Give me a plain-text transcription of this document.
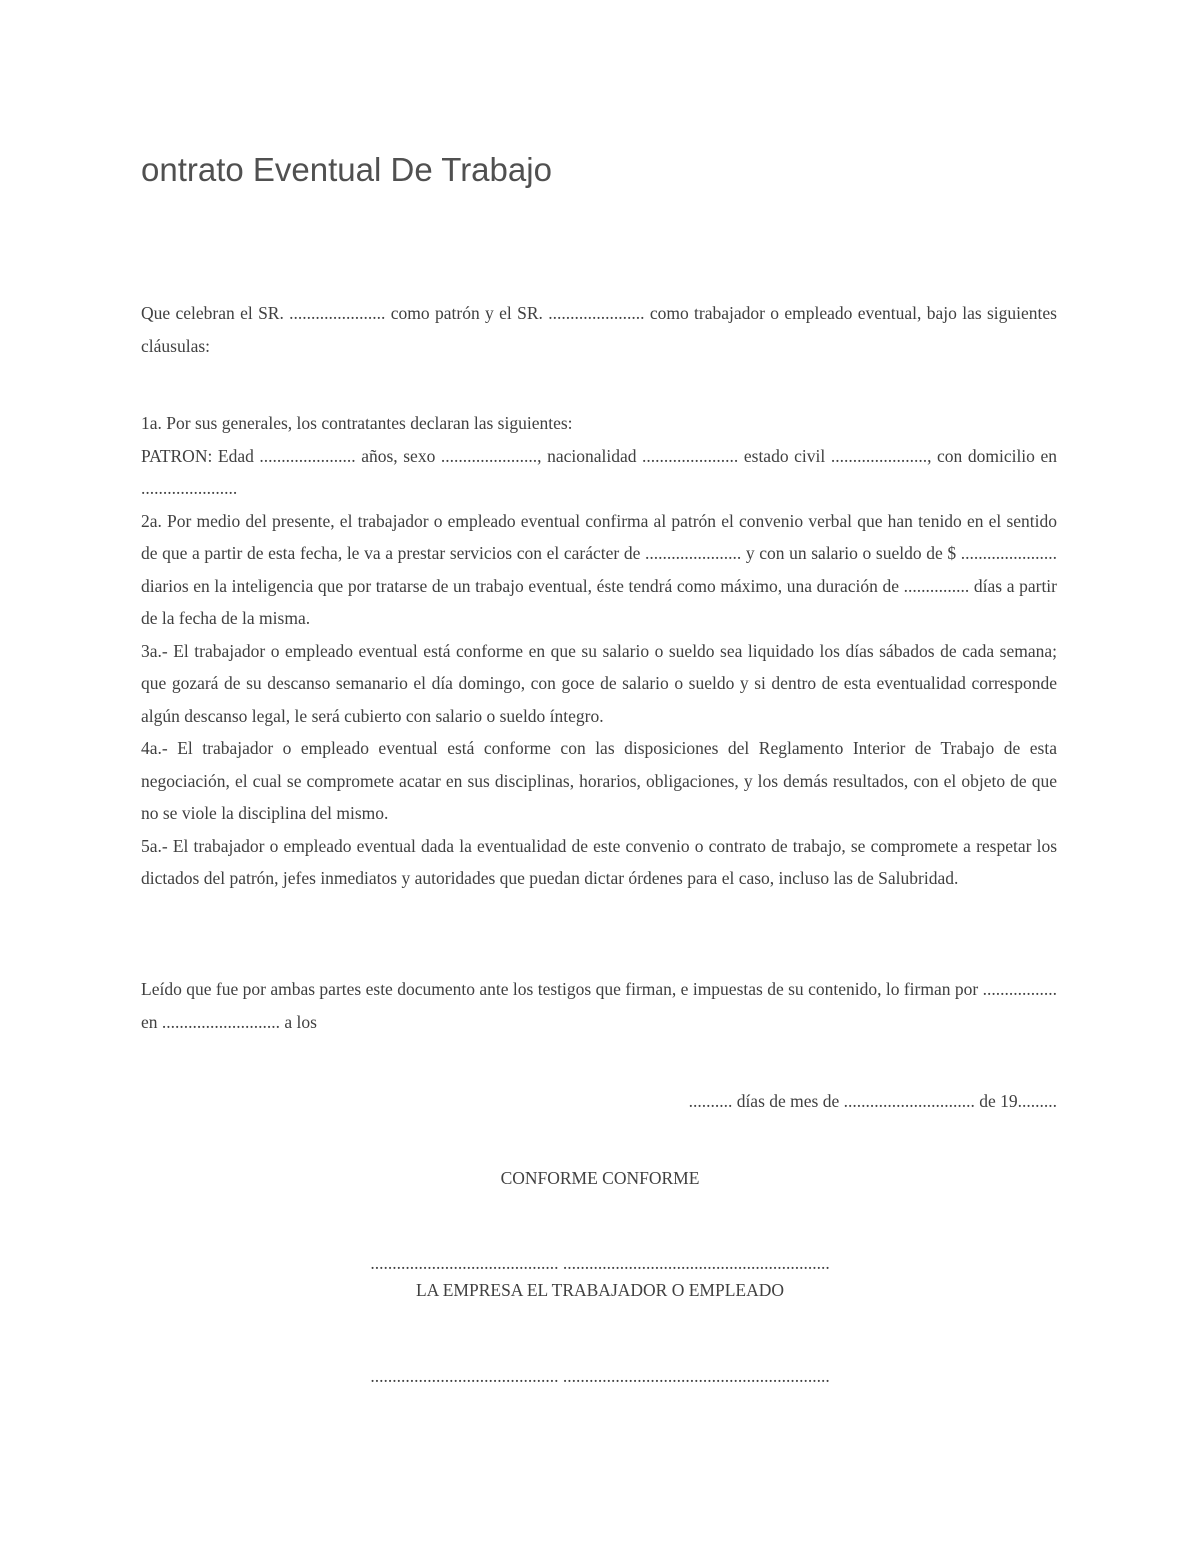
ontrato Eventual De Trabajo

Que celebran el SR. ...................... como patrón y el SR. ...................... como trabajador o empleado eventual, bajo las siguientes cláusulas:

1a. Por sus generales, los contratantes declaran las siguientes:

PATRON: Edad ...................... años, sexo ......................, nacionalidad ...................... estado civil ......................, con domicilio en ......................

2a. Por medio del presente, el trabajador o empleado eventual confirma al patrón el convenio verbal que han tenido en el sentido de que a partir de esta fecha, le va a prestar servicios con el carácter de ...................... y con un salario o sueldo de $ ...................... diarios en la inteligencia que por tratarse de un trabajo eventual, éste tendrá como máximo, una duración de ............... días a partir de la fecha de la misma.

3a.- El trabajador o empleado eventual está conforme en que su salario o sueldo sea liquidado los días sábados de cada semana; que gozará de su descanso semanario el día domingo, con goce de salario o sueldo y si dentro de esta eventualidad corresponde algún descanso legal, le será cubierto con salario o sueldo íntegro.

4a.- El trabajador o empleado eventual está conforme con las disposiciones del Reglamento Interior de Trabajo de esta negociación, el cual se compromete acatar en sus disciplinas, horarios, obligaciones, y los demás resultados, con el objeto de que no se viole la disciplina del mismo.

5a.- El trabajador o empleado eventual dada la eventualidad de este convenio o contrato de trabajo, se compromete a respetar los dictados del patrón, jefes inmediatos y autoridades que puedan dictar órdenes para el caso, incluso las de Salubridad.

Leído que fue por ambas partes este documento ante los testigos que firman, e impuestas de su contenido, lo firman por ................. en ........................... a los

.......... días de mes de .............................. de 19.........

CONFORME CONFORME

........................................... .............................................................

LA EMPRESA EL TRABAJADOR O EMPLEADO

........................................... .............................................................
